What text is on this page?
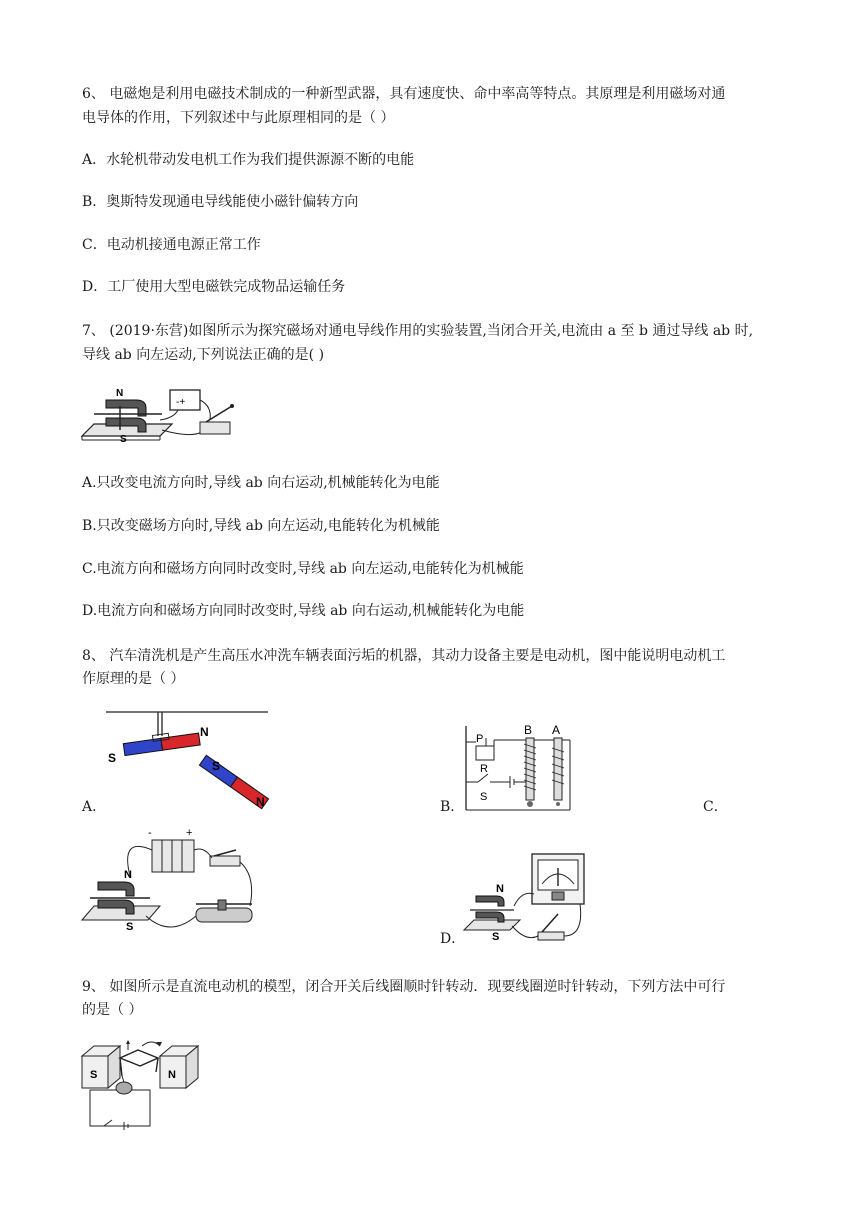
6、 电磁炮是利用电磁技术制成的一种新型武器，具有速度快、命中率高等特点。其原理是利用磁场对通
电导体的作用，下列叙述中与此原理相同的是（ ）
A．水轮机带动发电机工作为我们提供源源不断的电能
B．奥斯特发现通电导线能使小磁针偏转方向
C．电动机接通电源正常工作
D．工厂使用大型电磁铁完成物品运输任务
7、 (2019·东营)如图所示为探究磁场对通电导线作用的实验装置,当闭合开关,电流由 a 至 b 通过导线 ab 时,
导线 ab 向左运动,下列说法正确的是( )
N
S
-+
A.只改变电流方向时,导线 ab 向右运动,机械能转化为电能
B.只改变磁场方向时,导线 ab 向左运动,电能转化为机械能
C.电流方向和磁场方向同时改变时,导线 ab 向左运动,电能转化为机械能
D.电流方向和磁场方向同时改变时,导线 ab 向右运动,机械能转化为电能
8、 汽车清洗机是产生高压水冲洗车辆表面污垢的机器，其动力设备主要是电动机，图中能说明电动机工
作原理的是（ ）
S
N
S
N
A．
P
R
S
B A
B．	C．
-	+
N
S
N
S
D．
9、 如图所示是直流电动机的模型，闭合开关后线圈顺时针转动．现要线圈逆时针转动，下列方法中可行
的是（ ）
S	N
